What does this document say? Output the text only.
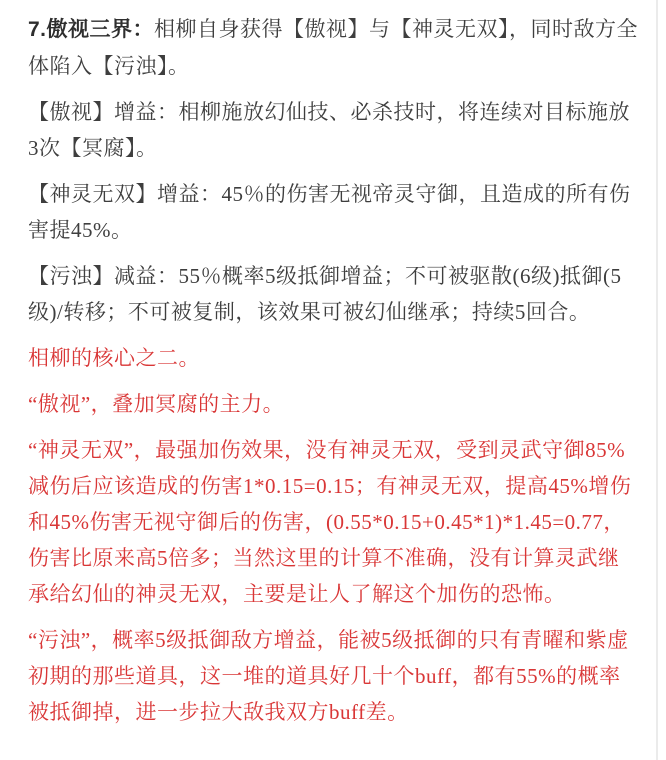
7.傲视三界：相柳自身获得【傲视】与【神灵无双】，同时敌方全体陷入【污浊】。

【傲视】增益：相柳施放幻仙技、必杀技时，将连续对目标施放3次【冥腐】。

【神灵无双】增益：45％的伤害无视帝灵守御，且造成的所有伤害提45%。

【污浊】减益：55％概率5级抵御增益；不可被驱散(6级)抵御(5级)/转移；不可被复制，该效果可被幻仙继承；持续5回合。

相柳的核心之二。

“傲视”，叠加冥腐的主力。

“神灵无双”，最强加伤效果，没有神灵无双，受到灵武守御85%减伤后应该造成的伤害1*0.15=0.15；有神灵无双，提高45%增伤和45%伤害无视守御后的伤害，(0.55*0.15+0.45*1)*1.45=0.77，伤害比原来高5倍多；当然这里的计算不准确，没有计算灵武继承给幻仙的神灵无双，主要是让人了解这个加伤的恐怖。

“污浊”，概率5级抵御敌方增益，能被5级抵御的只有青曜和紫虚初期的那些道具，这一堆的道具好几十个buff，都有55%的概率被抵御掉，进一步拉大敌我双方buff差。
